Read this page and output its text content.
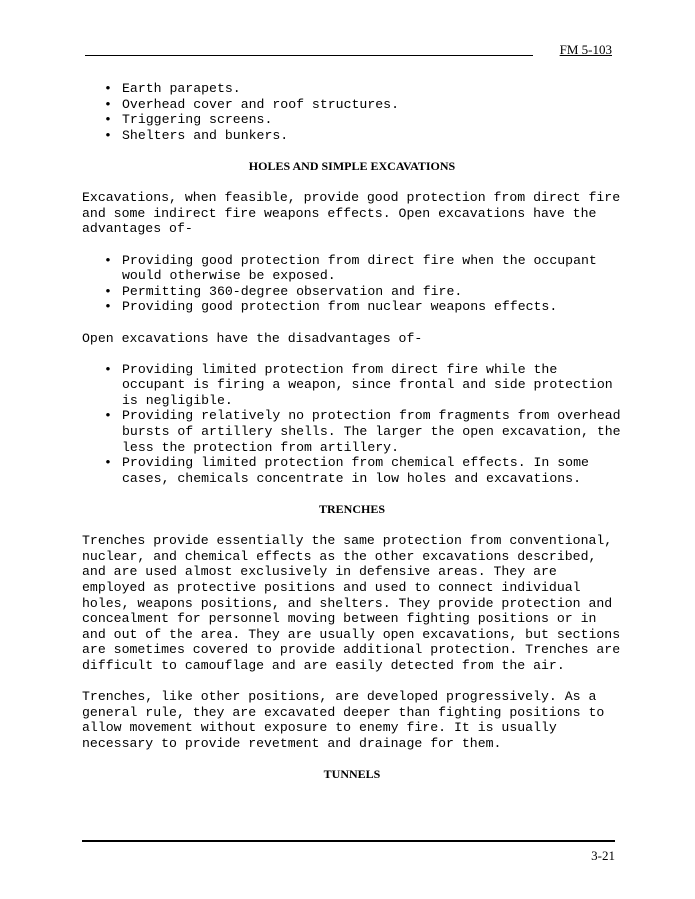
FM 5-103
• Earth parapets.
• Overhead cover and roof structures.
• Triggering screens.
• Shelters and bunkers.
HOLES AND SIMPLE EXCAVATIONS

Excavations, when feasible, provide good protection from direct fire and some indirect fire weapons effects. Open excavations have the advantages of-

• Providing good protection from direct fire when the occupant would otherwise be exposed.
• Permitting 360-degree observation and fire.
• Providing good protection from nuclear weapons effects.

Open excavations have the disadvantages of-

• Providing limited protection from direct fire while the occupant is firing a weapon, since frontal and side protection is negligible.
• Providing relatively no protection from fragments from overhead bursts of artillery shells. The larger the open excavation, the less the protection from artillery.
• Providing limited protection from chemical effects. In some cases, chemicals concentrate in low holes and excavations.
TRENCHES

Trenches provide essentially the same protection from conventional, nuclear, and chemical effects as the other excavations described, and are used almost exclusively in defensive areas. They are employed as protective positions and used to connect individual holes, weapons positions, and shelters. They provide protection and concealment for personnel moving between fighting positions or in and out of the area. They are usually open excavations, but sections are sometimes covered to provide additional protection. Trenches are difficult to camouflage and are easily detected from the air.

Trenches, like other positions, are developed progressively. As a general rule, they are excavated deeper than fighting positions to allow movement without exposure to enemy fire. It is usually necessary to provide revetment and drainage for them.

TUNNELS
3-21
